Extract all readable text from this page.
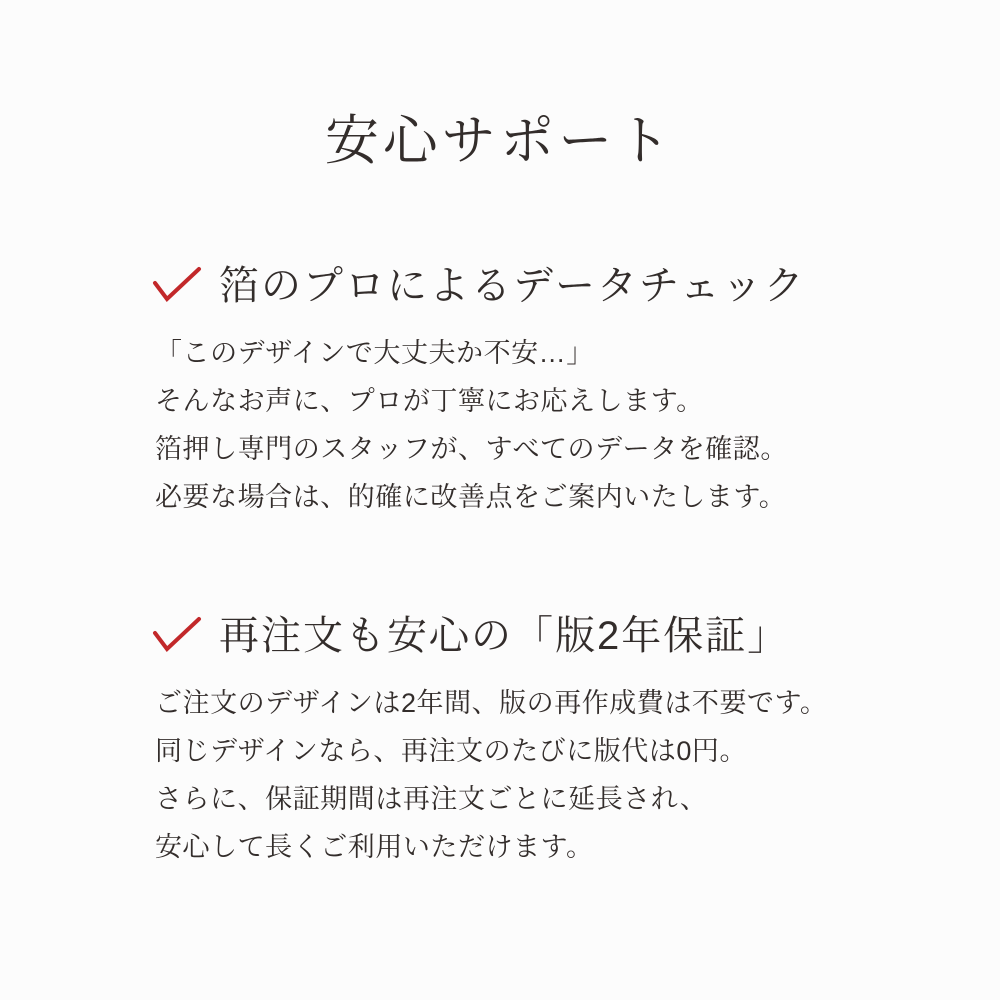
安心サポート
箔のプロによるデータチェック

「このデザインで大丈夫か不安…」
そんなお声に、プロが丁寧にお応えします。
箔押し専門のスタッフが、すべてのデータを確認。
必要な場合は、的確に改善点をご案内いたします。

再注文も安心の「版2年保証」

ご注文のデザインは2年間、版の再作成費は不要です。
同じデザインなら、再注文のたびに版代は0円。
さらに、保証期間は再注文ごとに延長され、
安心して長くご利用いただけます。
